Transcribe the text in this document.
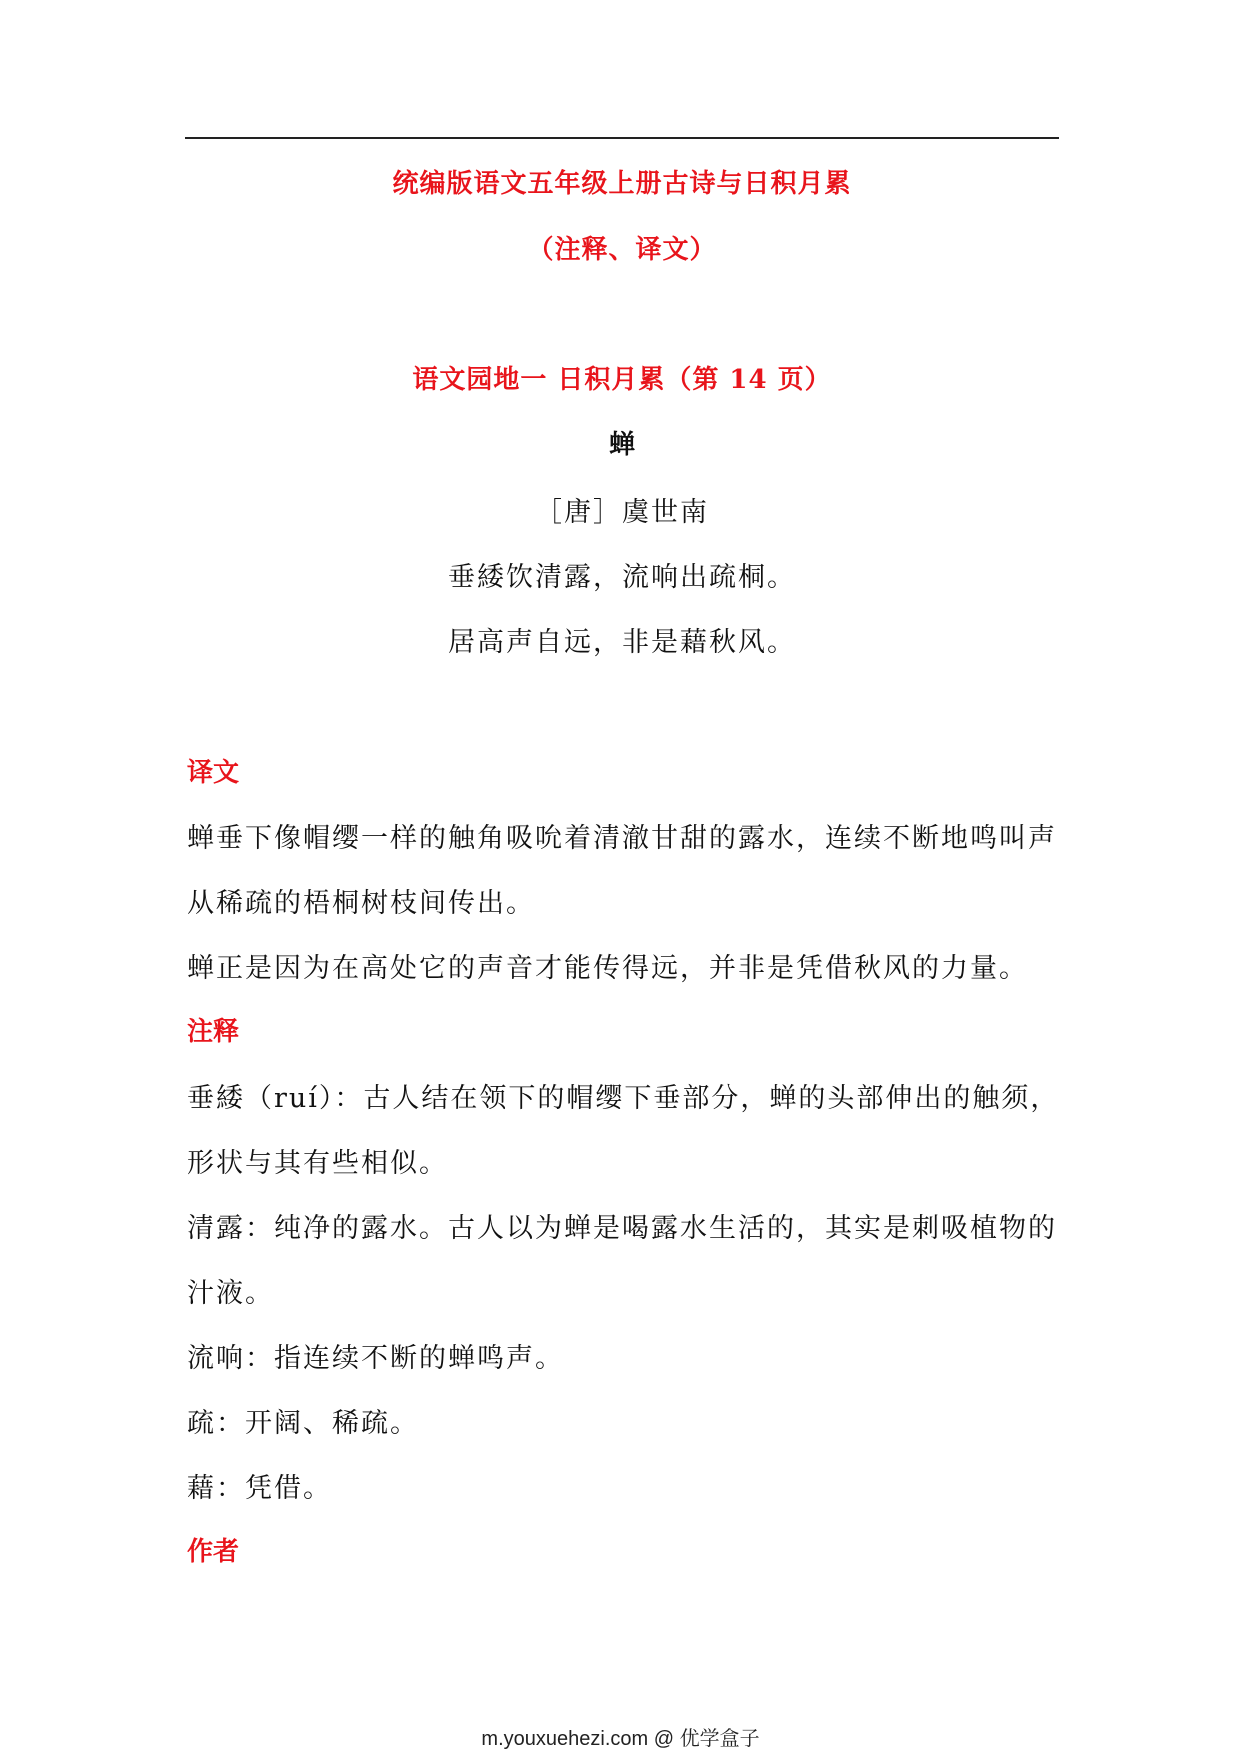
统编版语文五年级上册古诗与日积月累
（注释、译文）
语文园地一 日积月累（第 14 页）
蝉
［唐］虞世南
垂緌饮清露，流响出疏桐。
居高声自远，非是藉秋风。
译文
蝉垂下像帽缨一样的触角吸吮着清澈甘甜的露水，连续不断地鸣叫声
从稀疏的梧桐树枝间传出。
蝉正是因为在高处它的声音才能传得远，并非是凭借秋风的力量。
注释
垂緌（ruí）：古人结在领下的帽缨下垂部分，蝉的头部伸出的触须，
形状与其有些相似。
清露：纯净的露水。古人以为蝉是喝露水生活的，其实是刺吸植物的
汁液。
流响：指连续不断的蝉鸣声。
疏：开阔、稀疏。
藉：凭借。
作者
m.youxuehezi.com @ 优学盒子
